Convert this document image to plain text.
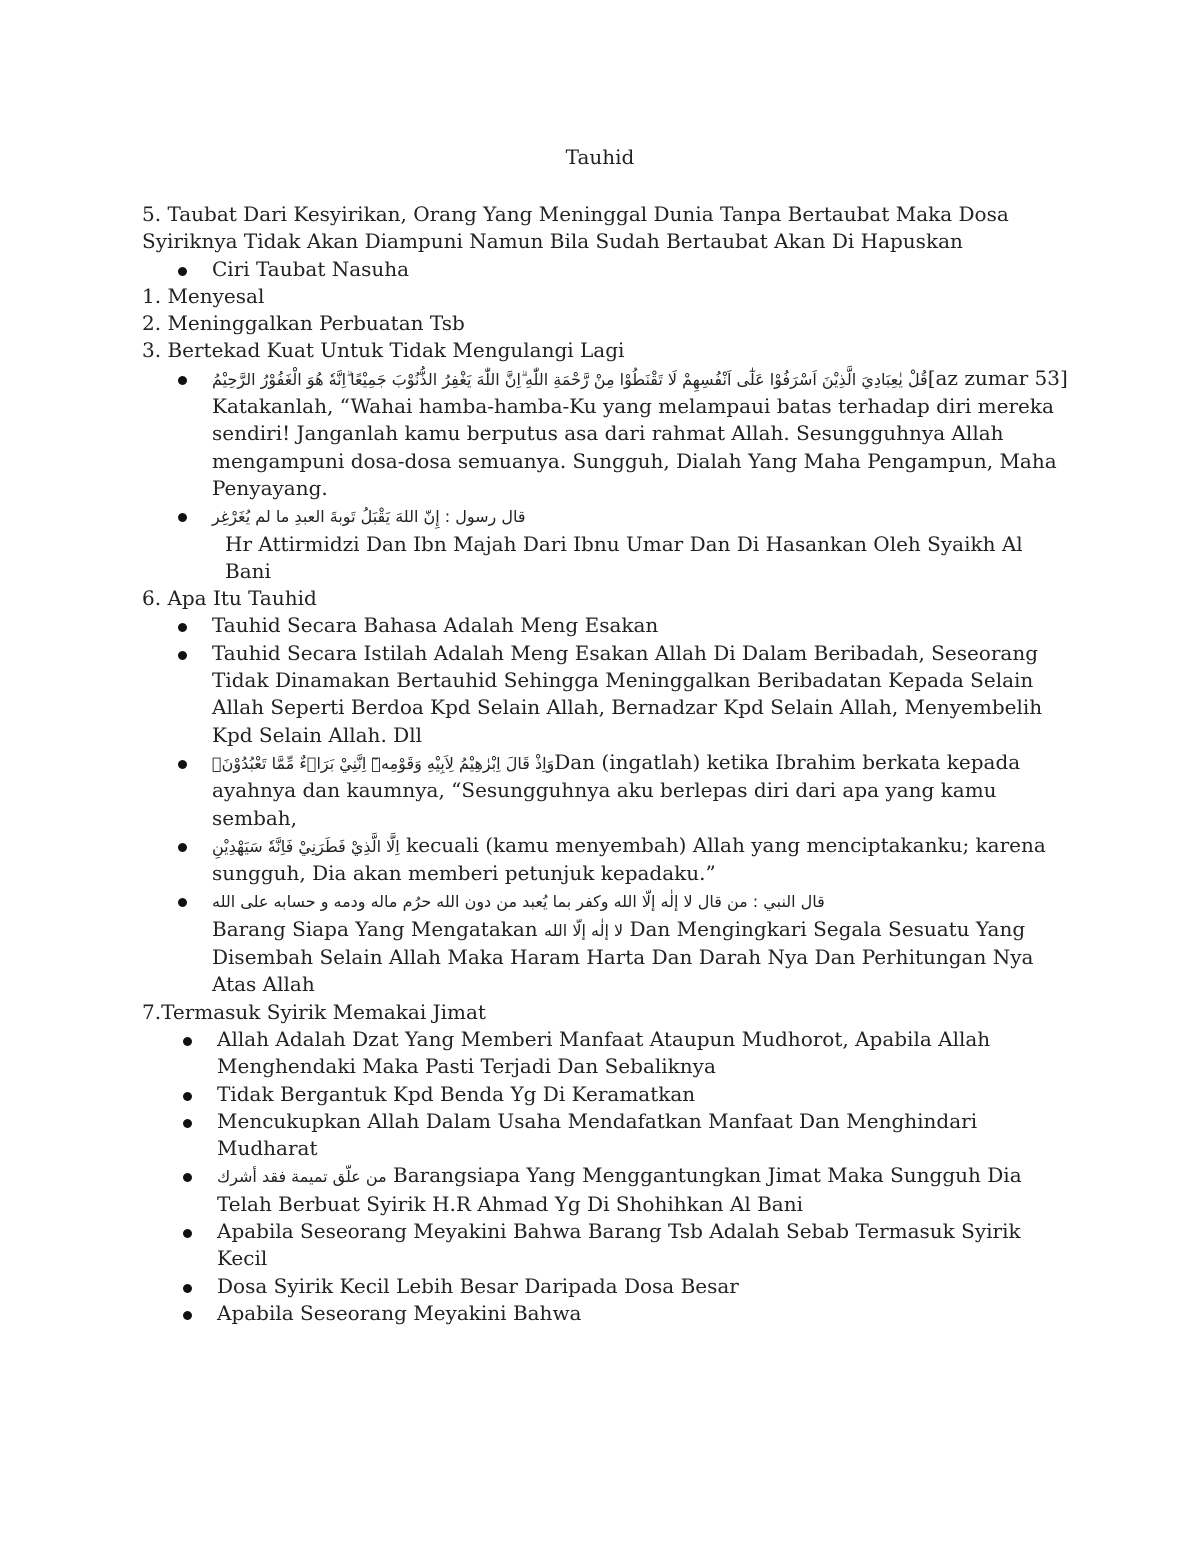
Tauhid

5. Taubat Dari Kesyirikan, Orang Yang Meninggal Dunia Tanpa Bertaubat Maka Dosa Syiriknya Tidak Akan Diampuni Namun Bila Sudah Bertaubat Akan Di Hapuskan

Ciri Taubat Nasuha

1. Menyesal

2. Meninggalkan Perbuatan Tsb

3. Bertekad Kuat Untuk Tidak Mengulangi Lagi

قُلْ يٰعِبَادِيَ الَّذِيْنَ اَسْرَفُوْا عَلٰٓى اَنْفُسِهِمْ لَا تَقْنَطُوْا مِنْ رَّحْمَةِ اللّٰهِ ۗاِنَّ اللّٰهَ يَغْفِرُ الذُّنُوْبَ جَمِيْعًا ۗاِنَّهٗ هُوَ الْغَفُوْرُ الرَّحِيْمُ[az zumar 53] Katakanlah, “Wahai hamba-hamba-Ku yang melampaui batas terhadap diri mereka sendiri! Janganlah kamu berputus asa dari rahmat Allah. Sesungguhnya Allah mengampuni dosa-dosa semuanya. Sungguh, Dialah Yang Maha Pengampun, Maha Penyayang.
قال رسول : إِنّ اللهَ يَقْبَلُ تَوبةَ العبدِ ما لم يُغَرْغِر

Hr Attirmidzi Dan Ibn Majah Dari Ibnu Umar Dan Di Hasankan Oleh Syaikh Al Bani

6. Apa Itu Tauhid

Tauhid Secara Bahasa Adalah Meng Esakan
Tauhid Secara Istilah Adalah Meng Esakan Allah Di Dalam Beribadah, Seseorang Tidak Dinamakan Bertauhid Sehingga Meninggalkan Beribadatan Kepada Selain Allah Seperti Berdoa Kpd Selain Allah, Bernadzar Kpd Selain Allah, Menyembelih Kpd Selain Allah. Dll
وَاِذْ قَالَ اِبْرٰهِيْمُ لِاَبِيْهِ وَقَوْمِهٖٓ اِنَّنِيْ بَرَاۤءٌ مِّمَّا تَعْبُدُوْنَۙDan (ingatlah) ketika Ibrahim berkata kepada ayahnya dan kaumnya, “Sesungguhnya aku berlepas diri dari apa yang kamu sembah,
اِلَّا الَّذِيْ فَطَرَنِيْ فَاِنَّهٗ سَيَهْدِيْنِ kecuali (kamu menyembah) Allah yang menciptakanku; karena sungguh, Dia akan memberi petunjuk kepadaku.”
قال النبي : من قال لا إلٰه إلّا الله وكفر بما يُعبد من دون الله حرُم ماله ودمه و حسابه على الله
Barang Siapa Yang Mengatakan لا إلٰه إلّا الله Dan Mengingkari Segala Sesuatu Yang Disembah Selain Allah Maka Haram Harta Dan Darah Nya Dan Perhitungan Nya Atas Allah

7.Termasuk Syirik Memakai Jimat

Allah Adalah Dzat Yang Memberi Manfaat Ataupun Mudhorot, Apabila Allah Menghendaki Maka Pasti Terjadi Dan Sebaliknya
Tidak Bergantuk Kpd Benda Yg Di Keramatkan
Mencukupkan Allah Dalam Usaha Mendafatkan Manfaat Dan Menghindari Mudharat
من علّق تميمة فقد أشرك Barangsiapa Yang Menggantungkan Jimat Maka Sungguh Dia Telah Berbuat Syirik H.R Ahmad Yg Di Shohihkan Al Bani
Apabila Seseorang Meyakini Bahwa Barang Tsb Adalah Sebab Termasuk Syirik Kecil
Dosa Syirik Kecil Lebih Besar Daripada Dosa Besar
Apabila Seseorang Meyakini Bahwa
